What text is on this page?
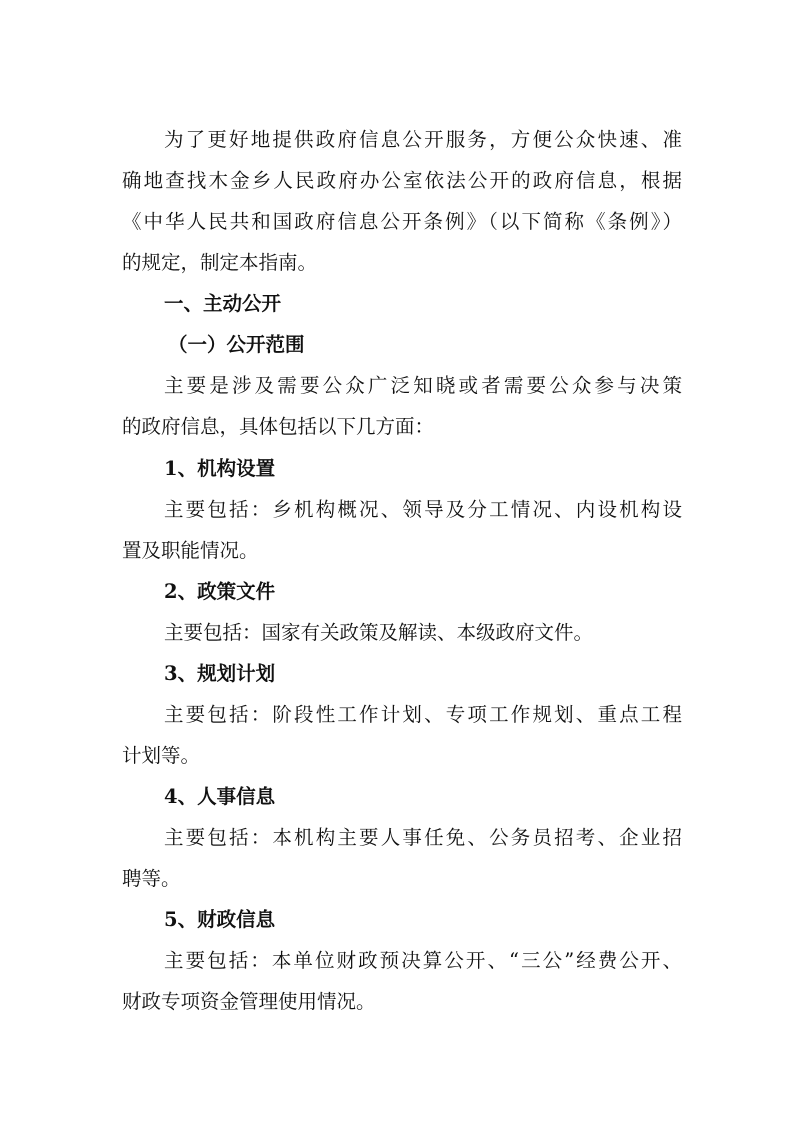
为了更好地提供政府信息公开服务，方便公众快速、准
确地查找木金乡人民政府办公室依法公开的政府信息，根据
《中华人民共和国政府信息公开条例》（以下简称《条例》）
的规定，制定本指南。
一、主动公开
（一）公开范围
主要是涉及需要公众广泛知晓或者需要公众参与决策
的政府信息，具体包括以下几方面：
1、机构设置
主要包括：乡机构概况、领导及分工情况、内设机构设
置及职能情况。
2、政策文件
主要包括：国家有关政策及解读、本级政府文件。
3、规划计划
主要包括：阶段性工作计划、专项工作规划、重点工程
计划等。
4、人事信息
主要包括：本机构主要人事任免、公务员招考、企业招
聘等。
5、财政信息
主要包括：本单位财政预决算公开、“三公”经费公开、
财政专项资金管理使用情况。
